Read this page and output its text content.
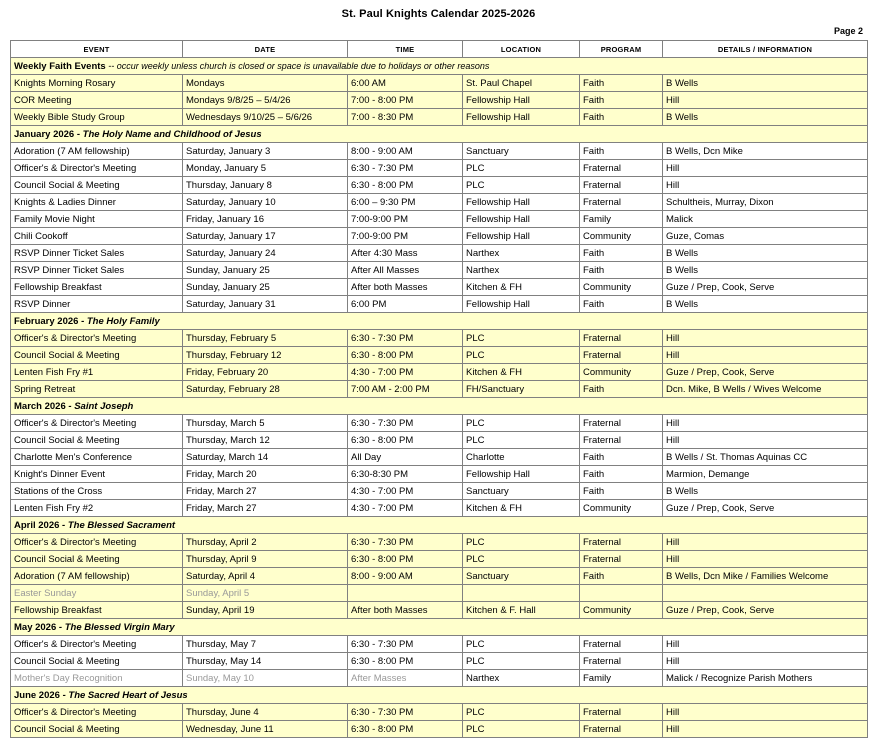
St. Paul Knights Calendar 2025-2026
Page 2
EVENT	DATE	TIME	LOCATION	PROGRAM	DETAILS / INFORMATION
Weekly Faith Events -- occur weekly unless church is closed or space is unavailable due to holidays or other reasons					
Knights Morning Rosary	Mondays	6:00 AM	St. Paul Chapel	Faith	B Wells
COR Meeting	Mondays 9/8/25 – 5/4/26	7:00 - 8:00 PM	Fellowship Hall	Faith	Hill
Weekly Bible Study Group	Wednesdays 9/10/25 – 5/6/26	7:00 - 8:30 PM	Fellowship Hall	Faith	B Wells
January 2026 - The Holy Name and Childhood of Jesus					
Adoration (7 AM fellowship)	Saturday, January 3	8:00 - 9:00 AM	Sanctuary	Faith	B Wells, Dcn Mike
Officer's & Director's Meeting	Monday, January 5	6:30 - 7:30 PM	PLC	Fraternal	Hill
Council Social & Meeting	Thursday, January 8	6:30 - 8:00 PM	PLC	Fraternal	Hill
Knights & Ladies Dinner	Saturday, January 10	6:00 – 9:30 PM	Fellowship Hall	Fraternal	Schultheis, Murray, Dixon
Family Movie Night	Friday, January 16	7:00-9:00 PM	Fellowship Hall	Family	Malick
Chili Cookoff	Saturday, January 17	7:00-9:00 PM	Fellowship Hall	Community	Guze, Comas
RSVP Dinner Ticket Sales	Saturday, January 24	After 4:30 Mass	Narthex	Faith	B Wells
RSVP Dinner Ticket Sales	Sunday, January 25	After All Masses	Narthex	Faith	B Wells
Fellowship Breakfast	Sunday, January 25	After both Masses	Kitchen & FH	Community	Guze / Prep, Cook, Serve
RSVP Dinner	Saturday, January 31	6:00 PM	Fellowship Hall	Faith	B Wells
February 2026 - The Holy Family					
Officer's & Director's Meeting	Thursday, February 5	6:30 - 7:30 PM	PLC	Fraternal	Hill
Council Social & Meeting	Thursday, February 12	6:30 - 8:00 PM	PLC	Fraternal	Hill
Lenten Fish Fry #1	Friday, February 20	4:30 - 7:00 PM	Kitchen & FH	Community	Guze / Prep, Cook, Serve
Spring Retreat	Saturday, February 28	7:00 AM - 2:00 PM	FH/Sanctuary	Faith	Dcn. Mike, B Wells / Wives Welcome
March 2026 - Saint Joseph					
Officer's & Director's Meeting	Thursday, March 5	6:30 - 7:30 PM	PLC	Fraternal	Hill
Council Social & Meeting	Thursday, March 12	6:30 - 8:00 PM	PLC	Fraternal	Hill
Charlotte Men's Conference	Saturday, March 14	All Day	Charlotte	Faith	B Wells / St. Thomas Aquinas CC
Knight's Dinner Event	Friday, March 20	6:30-8:30 PM	Fellowship Hall	Faith	Marmion, Demange
Stations of the Cross	Friday, March 27	4:30 - 7:00 PM	Sanctuary	Faith	B Wells
Lenten Fish Fry #2	Friday, March 27	4:30 - 7:00 PM	Kitchen & FH	Community	Guze / Prep, Cook, Serve
April 2026 - The Blessed Sacrament					
Officer's & Director's Meeting	Thursday, April 2	6:30 - 7:30 PM	PLC	Fraternal	Hill
Council Social & Meeting	Thursday, April 9	6:30 - 8:00 PM	PLC	Fraternal	Hill
Adoration (7 AM fellowship)	Saturday, April 4	8:00 - 9:00 AM	Sanctuary	Faith	B Wells, Dcn Mike / Families Welcome
Easter Sunday	Sunday, April 5				
Fellowship Breakfast	Sunday, April 19	After both Masses	Kitchen & F. Hall	Community	Guze / Prep, Cook, Serve
May 2026 - The Blessed Virgin Mary					
Officer's & Director's Meeting	Thursday, May 7	6:30 - 7:30 PM	PLC	Fraternal	Hill
Council Social & Meeting	Thursday, May 14	6:30 - 8:00 PM	PLC	Fraternal	Hill
Mother's Day Recognition	Sunday, May 10	After Masses	Narthex	Family	Malick / Recognize Parish Mothers
June 2026 - The Sacred Heart of Jesus					
Officer's & Director's Meeting	Thursday, June 4	6:30 - 7:30 PM	PLC	Fraternal	Hill
Council Social & Meeting	Wednesday, June 11	6:30 - 8:00 PM	PLC	Fraternal	Hill
